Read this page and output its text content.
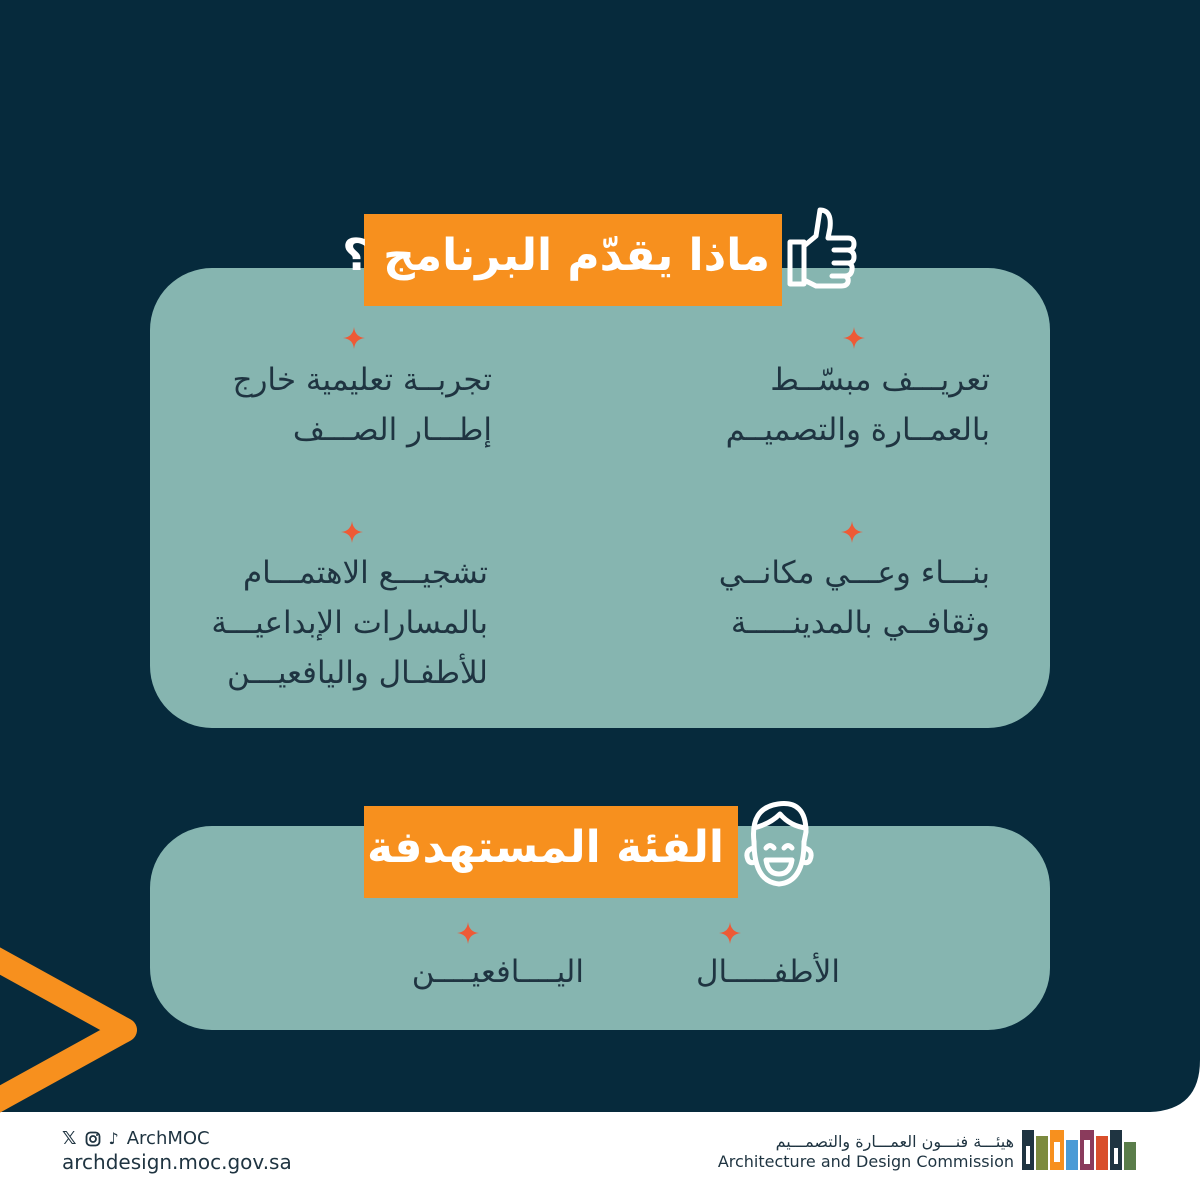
ماذا يقدّم البرنامج ؟
تعريـــف مبسّــط
بالعمــارة والتصميــم
تجربــة تعليمية خارج
إطـــار الصـــف
بنـــاء وعـــي مكانــي
وثقافــي بالمدينـــــة
تشجيـــع الاهتمـــام
بالمسارات الإبداعيـــة
للأطفـال واليافعيـــن
الفئة المستهدفة
الأطفـــــال
اليــــافعيــــن
𝕏 ♪ ArchMOC
archdesign.moc.gov.sa
هيئـــة فنـــون العمـــارة والتصمـــيم
Architecture and Design Commission
